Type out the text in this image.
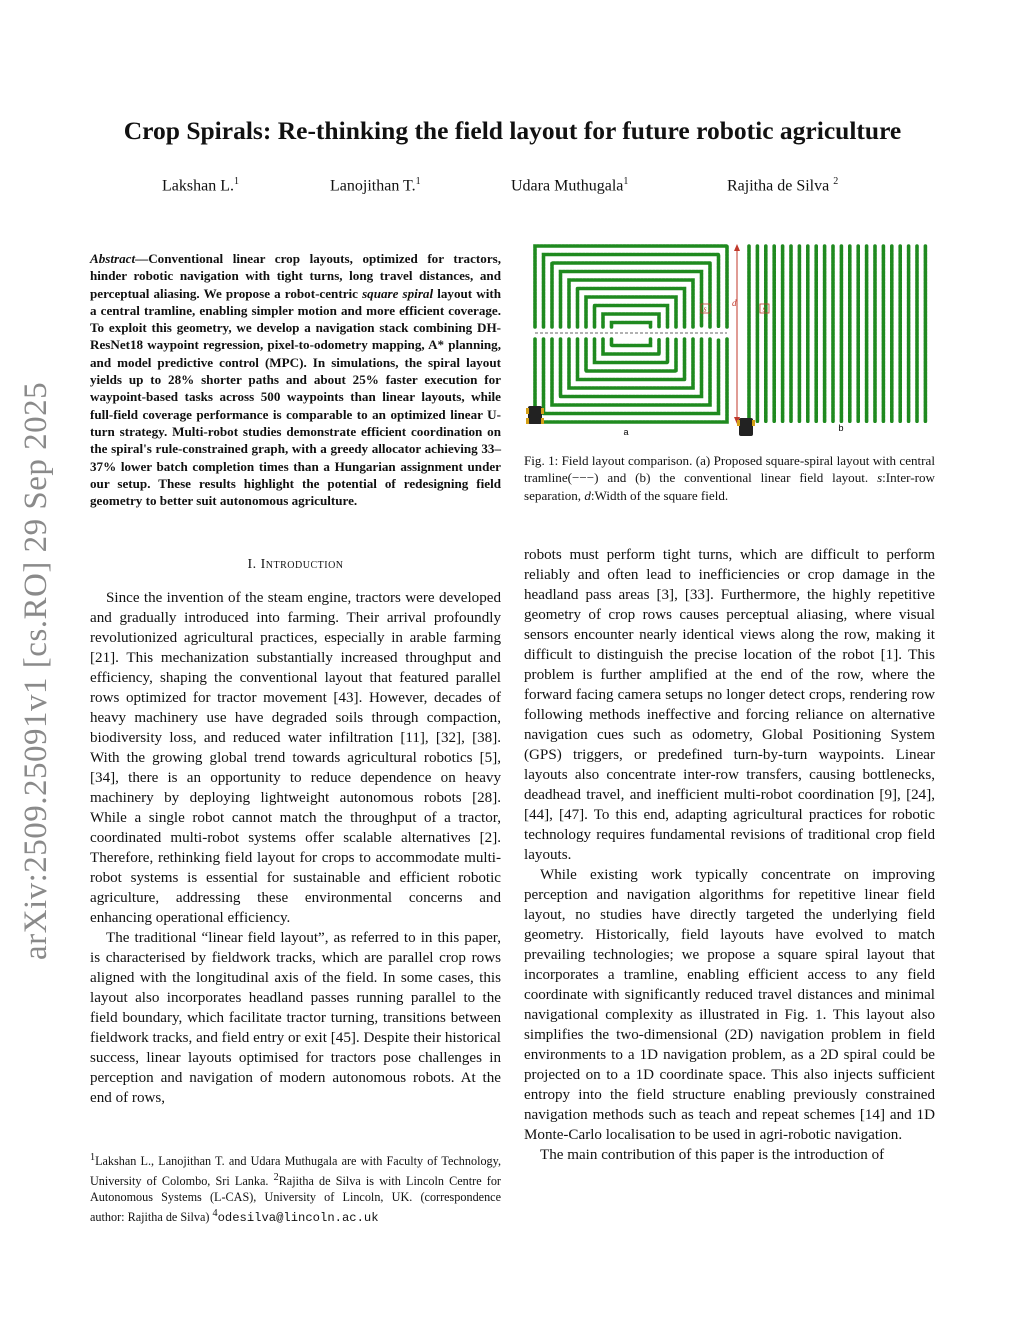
arXiv:2509.25091v1 [cs.RO] 29 Sep 2025
Crop Spirals: Re-thinking the field layout for future robotic agriculture
Lakshan L.$^1$	Lanojithan T.$^1$	Udara Muthugala$^1$	Rajitha de Silva $^2$
Abstract—Conventional linear crop layouts, optimized for tractors, hinder robotic navigation with tight turns, long travel distances, and perceptual aliasing. We propose a robot-centric square spiral layout with a central tramline, enabling simpler motion and more efficient coverage. To exploit this geometry, we develop a navigation stack combining DH-ResNet18 waypoint regression, pixel-to-odometry mapping, A* planning, and model predictive control (MPC). In simulations, the spiral layout yields up to 28% shorter paths and about 25% faster execution for waypoint-based tasks across 500 waypoints than linear layouts, while full-field coverage performance is comparable to an optimized linear U-turn strategy. Multi-robot studies demonstrate efficient coordination on the spiral's rule-constrained graph, with a greedy allocator achieving 33–37% lower batch completion times than a Hungarian assignment under our setup. These results highlight the potential of redesigning field geometry to better suit autonomous agriculture.
I. Introduction

Since the invention of the steam engine, tractors were developed and gradually introduced into farming. Their arrival profoundly revolutionized agricultural practices, especially in arable farming [21]. This mechanization substantially increased throughput and efficiency, shaping the conventional layout that featured parallel rows optimized for tractor movement [43]. However, decades of heavy machinery use have degraded soils through compaction, biodiversity loss, and reduced water infiltration [11], [32], [38]. With the growing global trend towards agricultural robotics [5], [34], there is an opportunity to reduce dependence on heavy machinery by deploying lightweight autonomous robots [28]. While a single robot cannot match the throughput of a tractor, coordinated multi-robot systems offer scalable alternatives [2]. Therefore, rethinking field layout for crops to accommodate multi-robot systems is essential for sustainable and efficient robotic agriculture, addressing these environmental concerns and enhancing operational efficiency.

The traditional “linear field layout”, as referred to in this paper, is characterised by fieldwork tracks, which are parallel crop rows aligned with the longitudinal axis of the field. In some cases, this layout also incorporates headland passes running parallel to the field boundary, which facilitate tractor turning, transitions between fieldwork tracks, and field entry or exit [45]. Despite their historical success, linear layouts optimised for tractors pose challenges in perception and navigation of modern autonomous robots. At the end of rows,

$^1$Lakshan L., Lanojithan T. and Udara Muthugala are with Faculty of Technology, University of Colombo, Sri Lanka. $^2$Rajitha de Silva is with Lincoln Centre for Autonomous Systems (L-CAS), University of Lincoln, UK. (correspondence author: Rajitha de Silva) $^4$odesilva@lincoln.ac.uk
s
d
s
a	b
Fig. 1: Field layout comparison. (a) Proposed square-spiral layout with central tramline(−−−) and (b) the conventional linear field layout. s:Inter-row separation, d:Width of the square field.

robots must perform tight turns, which are difficult to perform reliably and often lead to inefficiencies or crop damage in the headland pass areas [3], [33]. Furthermore, the highly repetitive geometry of crop rows causes perceptual aliasing, where visual sensors encounter nearly identical views along the row, making it difficult to distinguish the precise location of the robot [1]. This problem is further amplified at the end of the row, where the forward facing camera setups no longer detect crops, rendering row following methods ineffective and forcing reliance on alternative navigation cues such as odometry, Global Positioning System (GPS) triggers, or predefined turn-by-turn waypoints. Linear layouts also concentrate inter-row transfers, causing bottlenecks, deadhead travel, and inefficient multi-robot coordination [9], [24], [44], [47]. To this end, adapting agricultural practices for robotic technology requires fundamental revisions of traditional crop field layouts.

While existing work typically concentrate on improving perception and navigation algorithms for repetitive linear field layout, no studies have directly targeted the underlying field geometry. Historically, field layouts have evolved to match prevailing technologies; we propose a square spiral layout that incorporates a tramline, enabling efficient access to any field coordinate with significantly reduced travel distances and minimal navigational complexity as illustrated in Fig. 1. This layout also simplifies the two-dimensional (2D) navigation problem in field environments to a 1D navigation problem, as a 2D spiral could be projected on to a 1D coordinate space. This also injects sufficient entropy into the field structure enabling previously constrained navigation methods such as teach and repeat schemes [14] and 1D Monte-Carlo localisation to be used in agri-robotic navigation.

The main contribution of this paper is the introduction of
